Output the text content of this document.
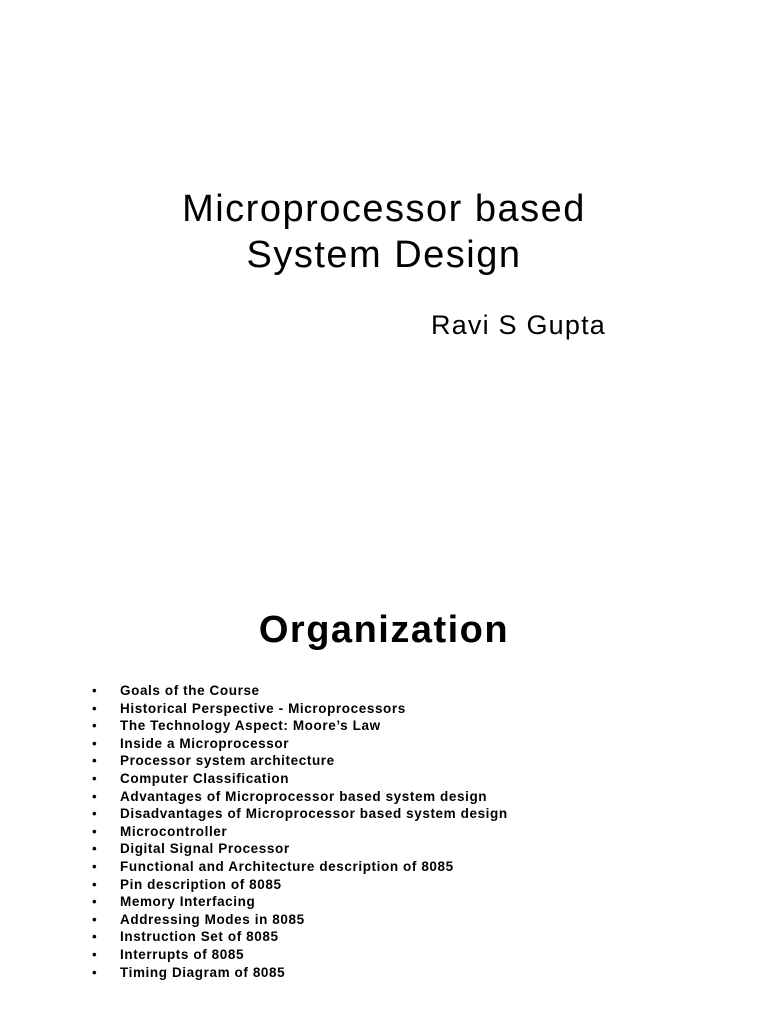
Microprocessor based
System Design

Ravi S Gupta

Organization
• Goals of the Course
• Historical Perspective - Microprocessors
• The Technology Aspect: Moore’s Law
• Inside a Microprocessor
• Processor system architecture
• Computer Classification
• Advantages of Microprocessor based system design
• Disadvantages of Microprocessor based system design
• Microcontroller
• Digital Signal Processor
• Functional and Architecture description of 8085
• Pin description of 8085
• Memory Interfacing
• Addressing Modes in 8085
• Instruction Set of 8085
• Interrupts of 8085
• Timing Diagram of 8085
